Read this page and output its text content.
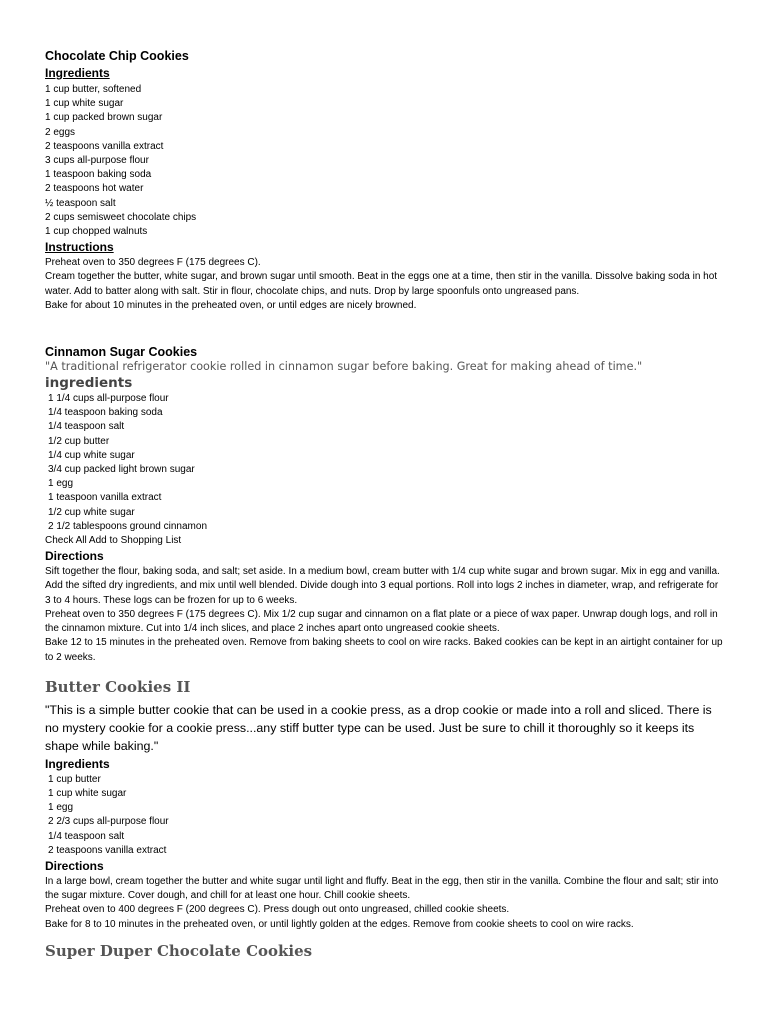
Chocolate Chip Cookies
Ingredients
1 cup butter, softened
1 cup white sugar
1 cup packed brown sugar
2 eggs
2 teaspoons vanilla extract
3 cups all-purpose flour
1 teaspoon baking soda
2 teaspoons hot water
½ teaspoon salt
2 cups semisweet chocolate chips
1 cup chopped walnuts
Instructions

Preheat oven to 350 degrees F (175 degrees C).

Cream together the butter, white sugar, and brown sugar until smooth. Beat in the eggs one at a time, then stir in the vanilla. Dissolve baking soda in hot water. Add to batter along with salt. Stir in flour, chocolate chips, and nuts. Drop by large spoonfuls onto ungreased pans.

Bake for about 10 minutes in the preheated oven, or until edges are nicely browned.

Cinnamon Sugar Cookies

"A traditional refrigerator cookie rolled in cinnamon sugar before baking. Great for making ahead of time."

ingredients
1 1/4 cups all-purpose flour
1/4 teaspoon baking soda
1/4 teaspoon salt
1/2 cup butter
1/4 cup white sugar
3/4 cup packed light brown sugar
1 egg
1 teaspoon vanilla extract
1/2 cup white sugar
2 1/2 tablespoons ground cinnamon

Check All Add to Shopping List

Directions

Sift together the flour, baking soda, and salt; set aside. In a medium bowl, cream butter with 1/4 cup white sugar and brown sugar. Mix in egg and vanilla. Add the sifted dry ingredients, and mix until well blended. Divide dough into 3 equal portions. Roll into logs 2 inches in diameter, wrap, and refrigerate for 3 to 4 hours. These logs can be frozen for up to 6 weeks.

Preheat oven to 350 degrees F (175 degrees C). Mix 1/2 cup sugar and cinnamon on a flat plate or a piece of wax paper. Unwrap dough logs, and roll in the cinnamon mixture. Cut into 1/4 inch slices, and place 2 inches apart onto ungreased cookie sheets.

Bake 12 to 15 minutes in the preheated oven. Remove from baking sheets to cool on wire racks. Baked cookies can be kept in an airtight container for up to 2 weeks.

Butter Cookies II

"This is a simple butter cookie that can be used in a cookie press, as a drop cookie or made into a roll and sliced. There is no mystery cookie for a cookie press...any stiff butter type can be used. Just be sure to chill it thoroughly so it keeps its shape while baking."

Ingredients
1 cup butter
1 cup white sugar
1 egg
2 2/3 cups all-purpose flour
1/4 teaspoon salt
2 teaspoons vanilla extract
Directions

In a large bowl, cream together the butter and white sugar until light and fluffy. Beat in the egg, then stir in the vanilla. Combine the flour and salt; stir into the sugar mixture. Cover dough, and chill for at least one hour. Chill cookie sheets.

Preheat oven to 400 degrees F (200 degrees C). Press dough out onto ungreased, chilled cookie sheets.

Bake for 8 to 10 minutes in the preheated oven, or until lightly golden at the edges. Remove from cookie sheets to cool on wire racks.

Super Duper Chocolate Cookies
